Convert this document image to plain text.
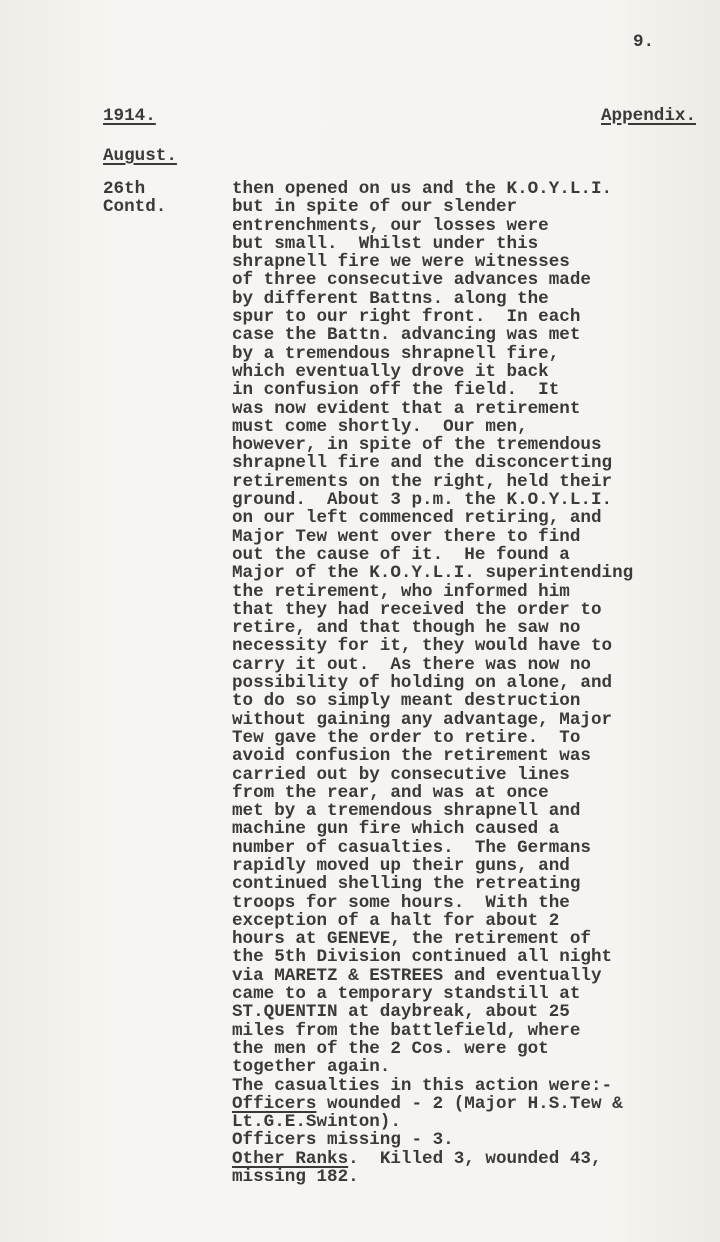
9.
1914.	Appendix.
August.
26th
Contd.
then opened on us and the K.O.Y.L.I.
but in spite of our slender
entrenchments, our losses were
but small.  Whilst under this
shrapnell fire we were witnesses
of three consecutive advances made
by different Battns. along the
spur to our right front.  In each
case the Battn. advancing was met
by a tremendous shrapnell fire,
which eventually drove it back
in confusion off the field.  It
was now evident that a retirement
must come shortly.  Our men,
however, in spite of the tremendous
shrapnell fire and the disconcerting
retirements on the right, held their
ground.  About 3 p.m. the K.O.Y.L.I.
on our left commenced retiring, and
Major Tew went over there to find
out the cause of it.  He found a
Major of the K.O.Y.L.I. superintending
the retirement, who informed him
that they had received the order to
retire, and that though he saw no
necessity for it, they would have to
carry it out.  As there was now no
possibility of holding on alone, and
to do so simply meant destruction
without gaining any advantage, Major
Tew gave the order to retire.  To
avoid confusion the retirement was
carried out by consecutive lines
from the rear, and was at once
met by a tremendous shrapnell and
machine gun fire which caused a
number of casualties.  The Germans
rapidly moved up their guns, and
continued shelling the retreating
troops for some hours.  With the
exception of a halt for about 2
hours at GENEVE, the retirement of
the 5th Division continued all night
via MARETZ & ESTREES and eventually
came to a temporary standstill at
ST.QUENTIN at daybreak, about 25
miles from the battlefield, where
the men of the 2 Cos. were got
together again.
The casualties in this action were:-
Officers wounded - 2 (Major H.S.Tew &
Lt.G.E.Swinton).
Officers missing - 3.
Other Ranks.  Killed 3, wounded 43,
missing 182.
